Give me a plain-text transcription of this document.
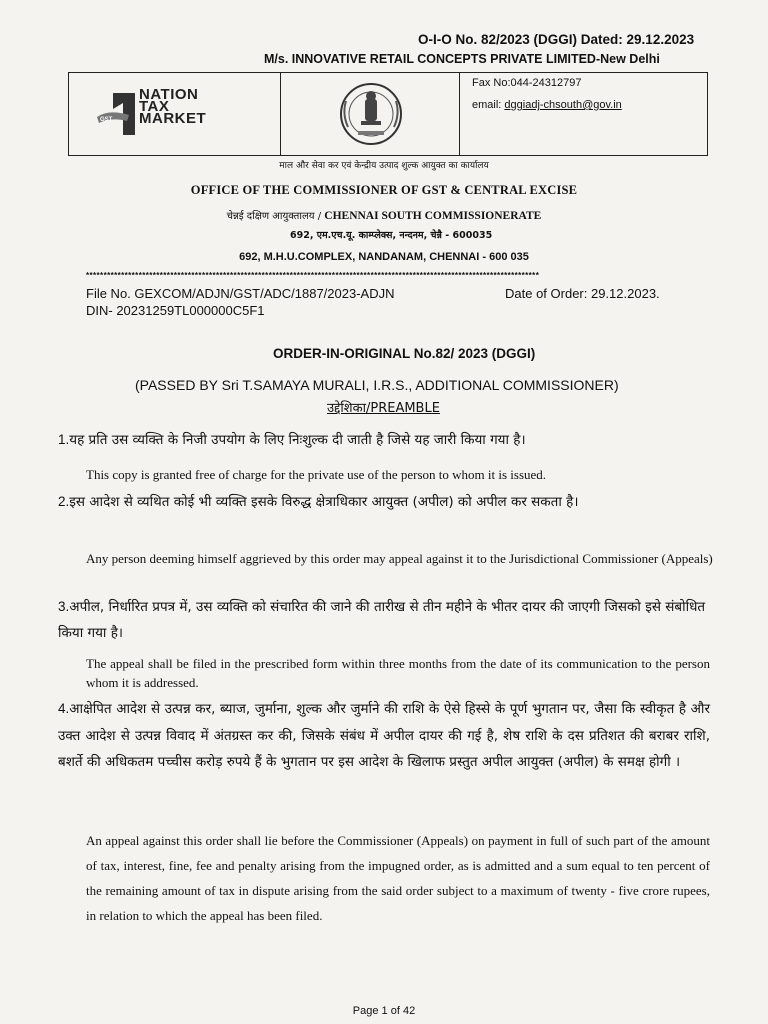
O-I-O No. 82/2023 (DGGI) Dated: 29.12.2023
M/s. INNOVATIVE RETAIL CONCEPTS PRIVATE LIMITED-New Delhi
GST
NATION
TAX
MARKET
Fax No:044-24312797
email: dggiadj-chsouth@gov.in
माल और सेवा कर एवं केन्द्रीय उत्पाद शुल्क आयुक्त का कार्यालय
OFFICE OF THE COMMISSIONER OF GST & CENTRAL EXCISE
चेन्नई दक्षिण आयुक्तालय / CHENNAI SOUTH COMMISSIONERATE
692, एम.एच.यू. काम्प्लेक्स, नन्दनम, चेन्नै - 600035
692, M.H.U.COMPLEX, NANDANAM, CHENNAI - 600 035
*********************************************************************************************************************************
File No. GEXCOM/ADJN/GST/ADC/1887/2023-ADJN	Date of Order: 29.12.2023.
DIN- 20231259TL000000C5F1
ORDER-IN-ORIGINAL No.82/ 2023 (DGGI)
(PASSED BY Sri T.SAMAYA MURALI, I.R.S., ADDITIONAL COMMISSIONER)
उद्देशिका/PREAMBLE
1.यह प्रति उस व्यक्ति के निजी उपयोग के लिए निःशुल्क दी जाती है जिसे यह जारी किया गया है।
This copy is granted free of charge for the private use of the person to whom it is issued.
2.इस आदेश से व्यथित कोई भी व्यक्ति इसके विरुद्ध क्षेत्राधिकार आयुक्त (अपील) को अपील कर सकता है।
Any person deeming himself aggrieved by this order may appeal against it to the Jurisdictional Commissioner (Appeals)
3.अपील, निर्धारित प्रपत्र में, उस व्यक्ति को संचारित की जाने की तारीख से तीन महीने के भीतर दायर की जाएगी जिसको इसे संबोधित किया गया है।
The appeal shall be filed in the prescribed form within three months from the date of its communication to the person whom it is addressed.
4.आक्षेपित आदेश से उत्पन्न कर, ब्याज, जुर्माना, शुल्क और जुर्माने की राशि के ऐसे हिस्से के पूर्ण भुगतान पर, जैसा कि स्वीकृत है और उक्त आदेश से उत्पन्न विवाद में अंतग्रस्त कर की, जिसके संबंध में अपील दायर की गई है, शेष राशि के दस प्रतिशत की बराबर राशि, बशर्ते की अधिकतम पच्चीस करोड़ रुपये हैं के भुगतान पर इस आदेश के खिलाफ प्रस्तुत अपील आयुक्त (अपील) के समक्ष होगी ।
An appeal against this order shall lie before the Commissioner (Appeals) on payment in full of such part of the amount of tax, interest, fine, fee and penalty arising from the impugned order, as is admitted and a sum equal to ten percent of the remaining amount of tax in dispute arising from the said order subject to a maximum of twenty - five crore rupees, in relation to which the appeal has been filed.
Page 1 of 42
